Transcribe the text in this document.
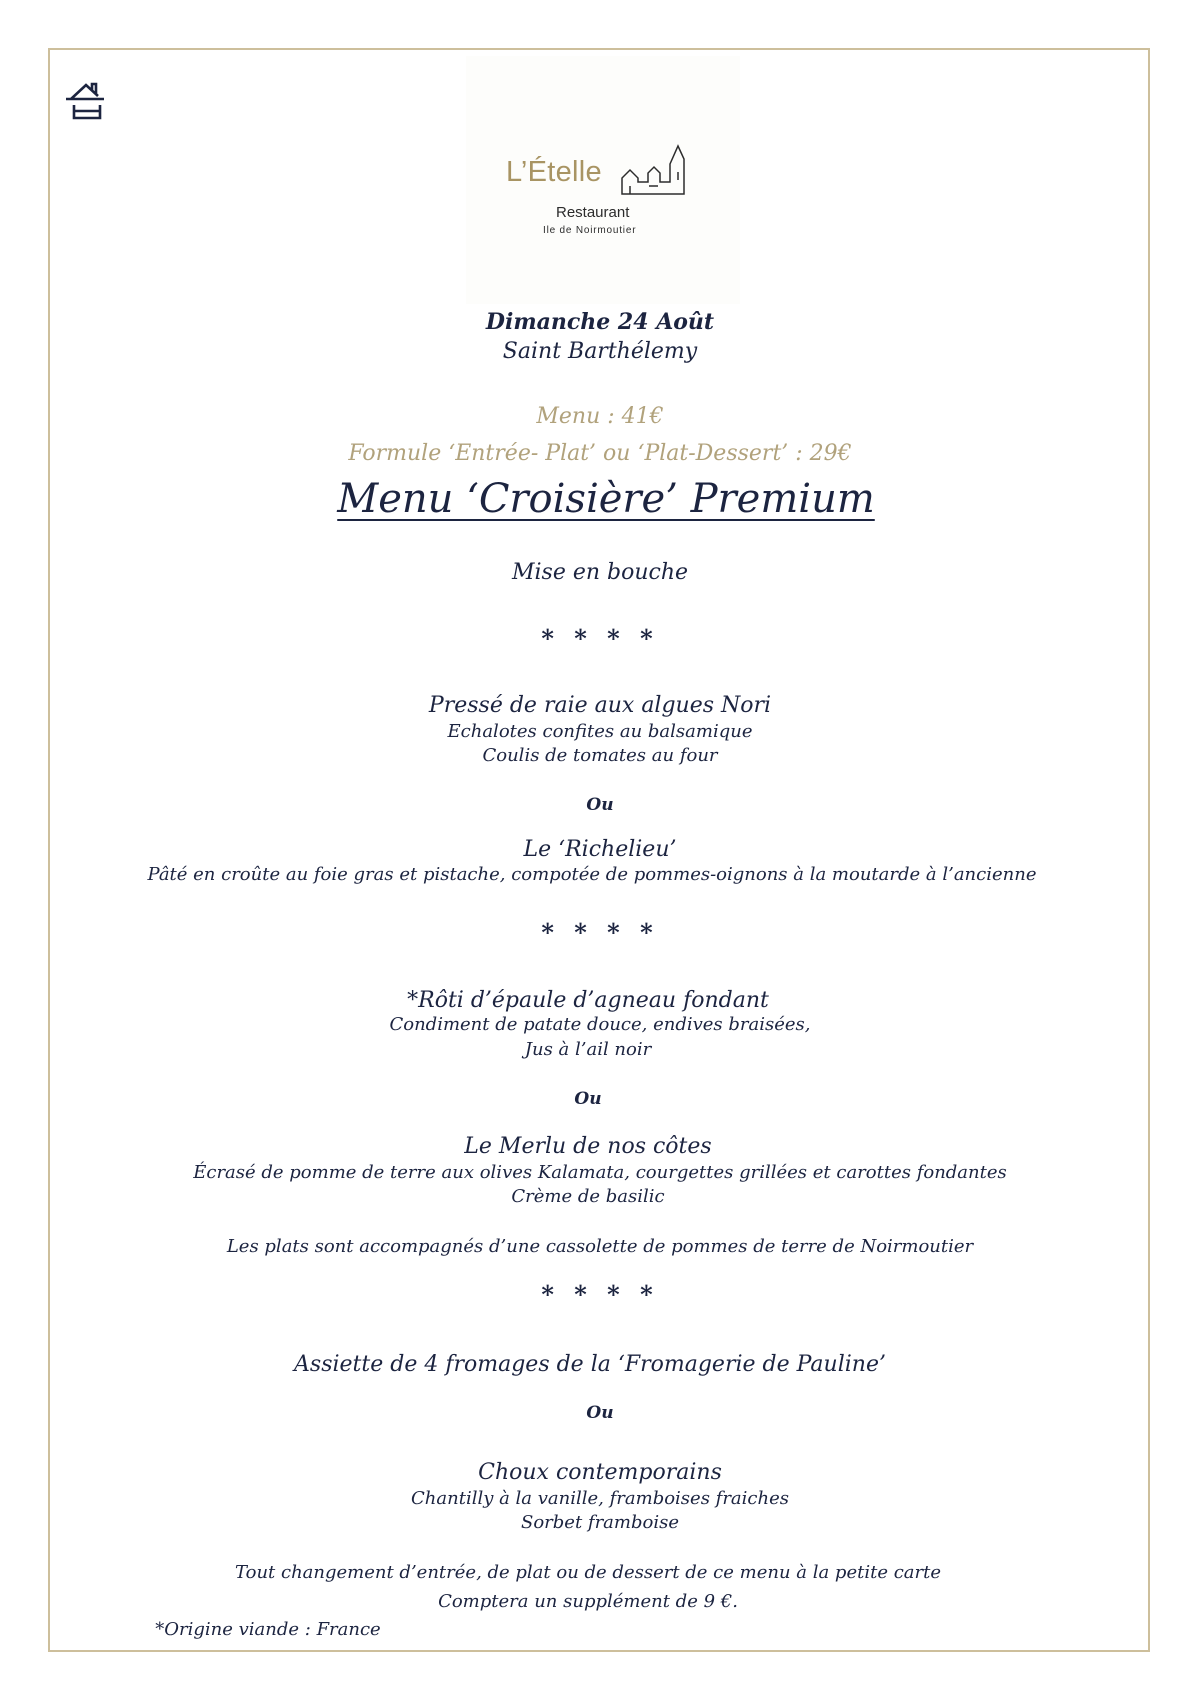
L’Ételle
Restaurant
Ile de Noirmoutier
Dimanche 24 Août
Saint Barthélemy
Menu : 41€
Formule ‘Entrée- Plat’ ou ‘Plat-Dessert’ : 29€
Menu ‘Croisière’ Premium
Mise en bouche
* * * *
Pressé de raie aux algues Nori
Echalotes confites au balsamique
Coulis de tomates au four
Ou
Le ‘Richelieu’
Pâté en croûte au foie gras et pistache, compotée de pommes-oignons à la moutarde à l’ancienne
* * * *
*Rôti d’épaule d’agneau fondant
Condiment de patate douce, endives braisées,
Jus à l’ail noir
Ou
Le Merlu de nos côtes
Écrasé de pomme de terre aux olives Kalamata, courgettes grillées et carottes fondantes
Crème de basilic
Les plats sont accompagnés d’une cassolette de pommes de terre de Noirmoutier
* * * *
Assiette de 4 fromages de la ‘Fromagerie de Pauline’
Ou
Choux contemporains
Chantilly à la vanille, framboises fraiches
Sorbet framboise
Tout changement d’entrée, de plat ou de dessert de ce menu à la petite carte
Comptera un supplément de 9 €.
*Origine viande : France
